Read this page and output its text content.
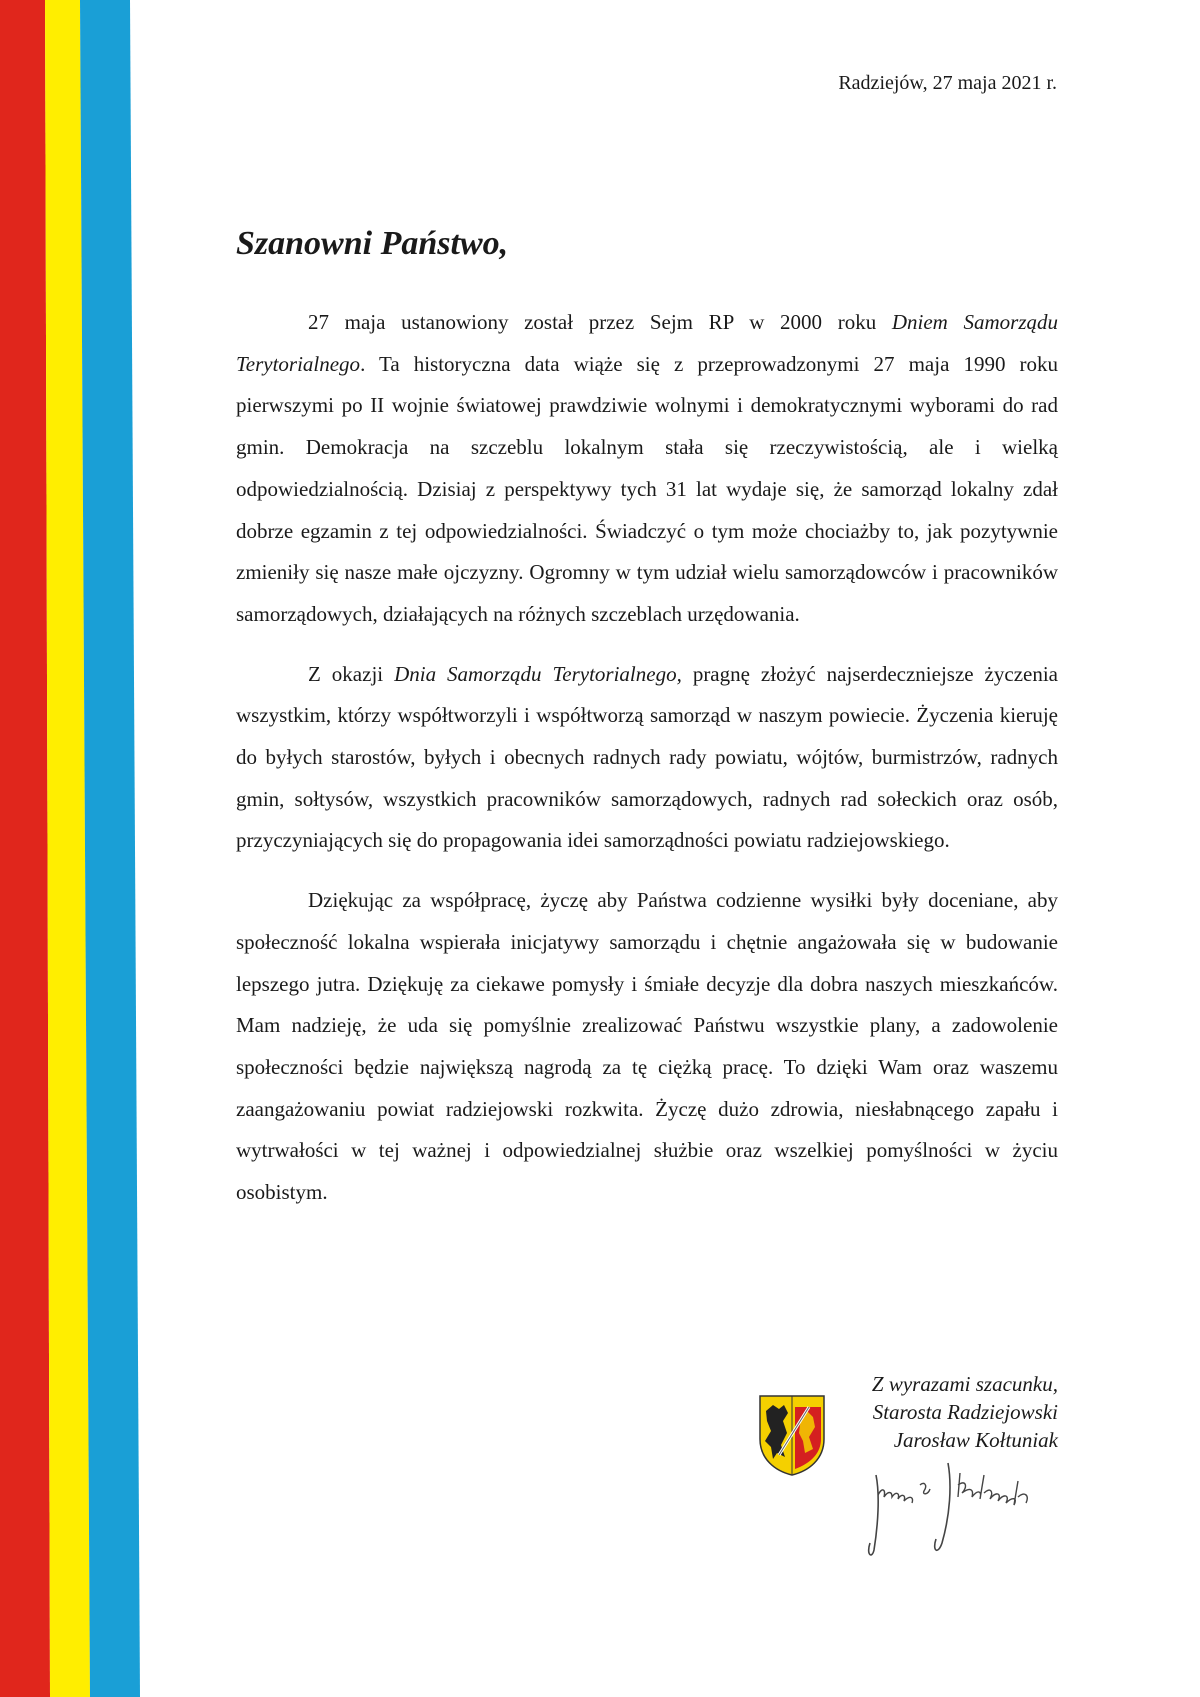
Radziejów, 27 maja 2021 r.
Szanowni Państwo,

27 maja ustanowiony został przez Sejm RP w 2000 roku Dniem Samorządu Terytorialnego. Ta historyczna data wiąże się z przeprowadzonymi 27 maja 1990 roku pierwszymi po II wojnie światowej prawdziwie wolnymi i demokratycznymi wyborami do rad gmin. Demokracja na szczeblu lokalnym stała się rzeczywistością, ale i wielką odpowiedzialnością. Dzisiaj z perspektywy tych 31 lat wydaje się, że samorząd lokalny zdał dobrze egzamin z tej odpowiedzialności. Świadczyć o tym może chociażby to, jak pozytywnie zmieniły się nasze małe ojczyzny. Ogromny w tym udział wielu samorządowców i pracowników samorządowych, działających na różnych szczeblach urzędowania.

Z okazji Dnia Samorządu Terytorialnego, pragnę złożyć najserdeczniejsze życzenia wszystkim, którzy współtworzyli i współtworzą samorząd w naszym powiecie. Życzenia kieruję do byłych starostów, byłych i obecnych radnych rady powiatu, wójtów, burmistrzów, radnych gmin, sołtysów, wszystkich pracowników samorządowych, radnych rad sołeckich oraz osób, przyczyniających się do propagowania idei samorządności powiatu radziejowskiego.

Dziękując za współpracę, życzę aby Państwa codzienne wysiłki były doceniane, aby społeczność lokalna wspierała inicjatywy samorządu i chętnie angażowała się w budowanie lepszego jutra. Dziękuję za ciekawe pomysły i śmiałe decyzje dla dobra naszych mieszkańców. Mam nadzieję, że uda się pomyślnie zrealizować Państwu wszystkie plany, a zadowolenie społeczności będzie największą nagrodą za tę ciężką pracę. To dzięki Wam oraz waszemu zaangażowaniu powiat radziejowski rozkwita. Życzę dużo zdrowia, niesłabnącego zapału i wytrwałości w tej ważnej i odpowiedzialnej służbie oraz wszelkiej pomyślności w życiu osobistym.

Z wyrazami szacunku,
Starosta Radziejowski
Jarosław Kołtuniak
